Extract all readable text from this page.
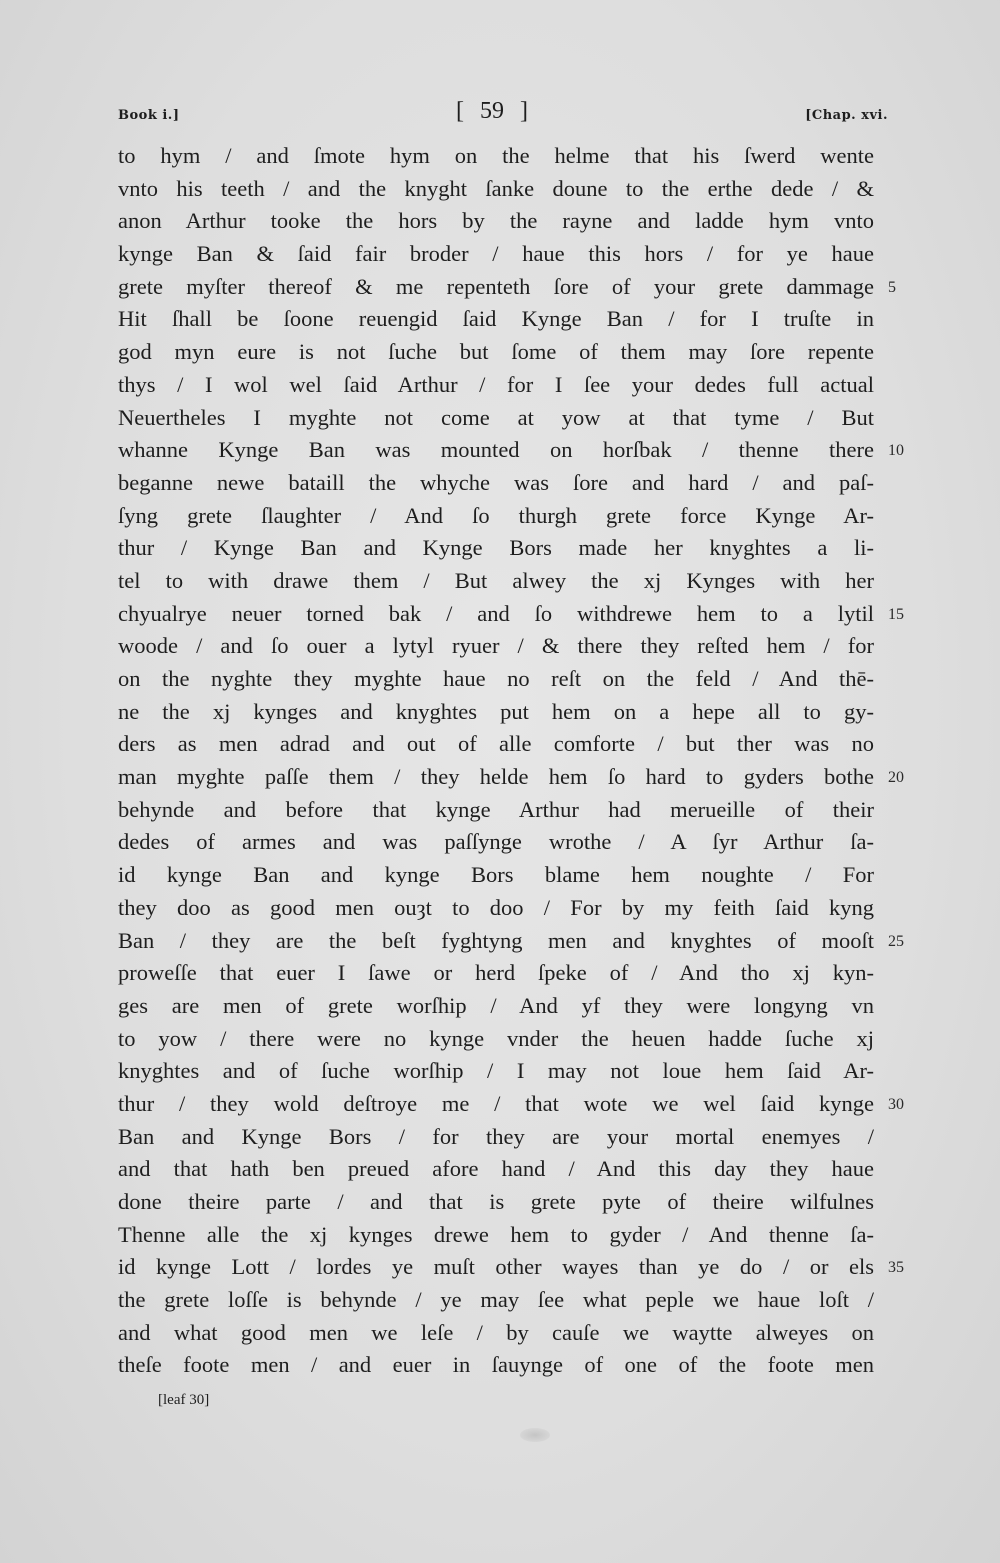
Book i.]	[ 59 ]	[Chap. xvi.
to hym / and ſmote hym on the helme that his ſwerd wente
vnto his teeth / and the knyght ſanke doune to the erthe dede / &
anon Arthur tooke the hors by the rayne and ladde hym vnto
kynge Ban & ſaid fair broder / haue this hors / for ye haue
grete myſter thereof & me repenteth ſore of your grete dammage 5
Hit ſhall be ſoone reuengid ſaid Kynge Ban / for I truſte in
god myn eure is not ſuche but ſome of them may ſore repente
thys / I wol wel ſaid Arthur / for I ſee your dedes full actual
Neuertheles I myghte not come at yow at that tyme / But
whanne Kynge Ban was mounted on horſbak / thenne there 10
beganne newe bataill the whyche was ſore and hard / and paſ-
ſyng grete ſlaughter / And ſo thurgh grete force Kynge Ar-
thur / Kynge Ban and Kynge Bors made her knyghtes a li-
tel to with drawe them / But alwey the xj Kynges with her
chyualrye neuer torned bak / and ſo withdrewe hem to a lytil 15
woode / and ſo ouer a lytyl ryuer / & there they reſted hem / for
on the nyghte they myghte haue no reſt on the feld / And thē-
ne the xj kynges and knyghtes put hem on a hepe all to gy-
ders as men adrad and out of alle comforte / but ther was no
man myghte paſſe them / they helde hem ſo hard to gyders bothe 20
behynde and before that kynge Arthur had merueille of their
dedes of armes and was paſſynge wrothe / A ſyr Arthur ſa-
id kynge Ban and kynge Bors blame hem noughte / For
they doo as good men ouȝt to doo / For by my feith ſaid kyng
Ban / they are the beſt fyghtyng men and knyghtes of mooſt 25
proweſſe that euer I ſawe or herd ſpeke of / And tho xj kyn-
ges are men of grete worſhip / And yf they were longyng vn
to yow / there were no kynge vnder the heuen hadde ſuche xj
knyghtes and of ſuche worſhip / I may not loue hem ſaid Ar-
thur / they wold deſtroye me / that wote we wel ſaid kynge 30
Ban and Kynge Bors / for they are your mortal enemyes /
and that hath ben preued afore hand / And this day they haue
done theire parte / and that is grete pyte of theire wilfulnes
Thenne alle the xj kynges drewe hem to gyder / And thenne ſa-
id kynge Lott / lordes ye muſt other wayes than ye do / or els 35
the grete loſſe is behynde / ye may ſee what peple we haue loſt /
and what good men we leſe / by cauſe we waytte alweyes on
theſe foote men / and euer in ſauynge of one of the foote men
[leaf 30]
